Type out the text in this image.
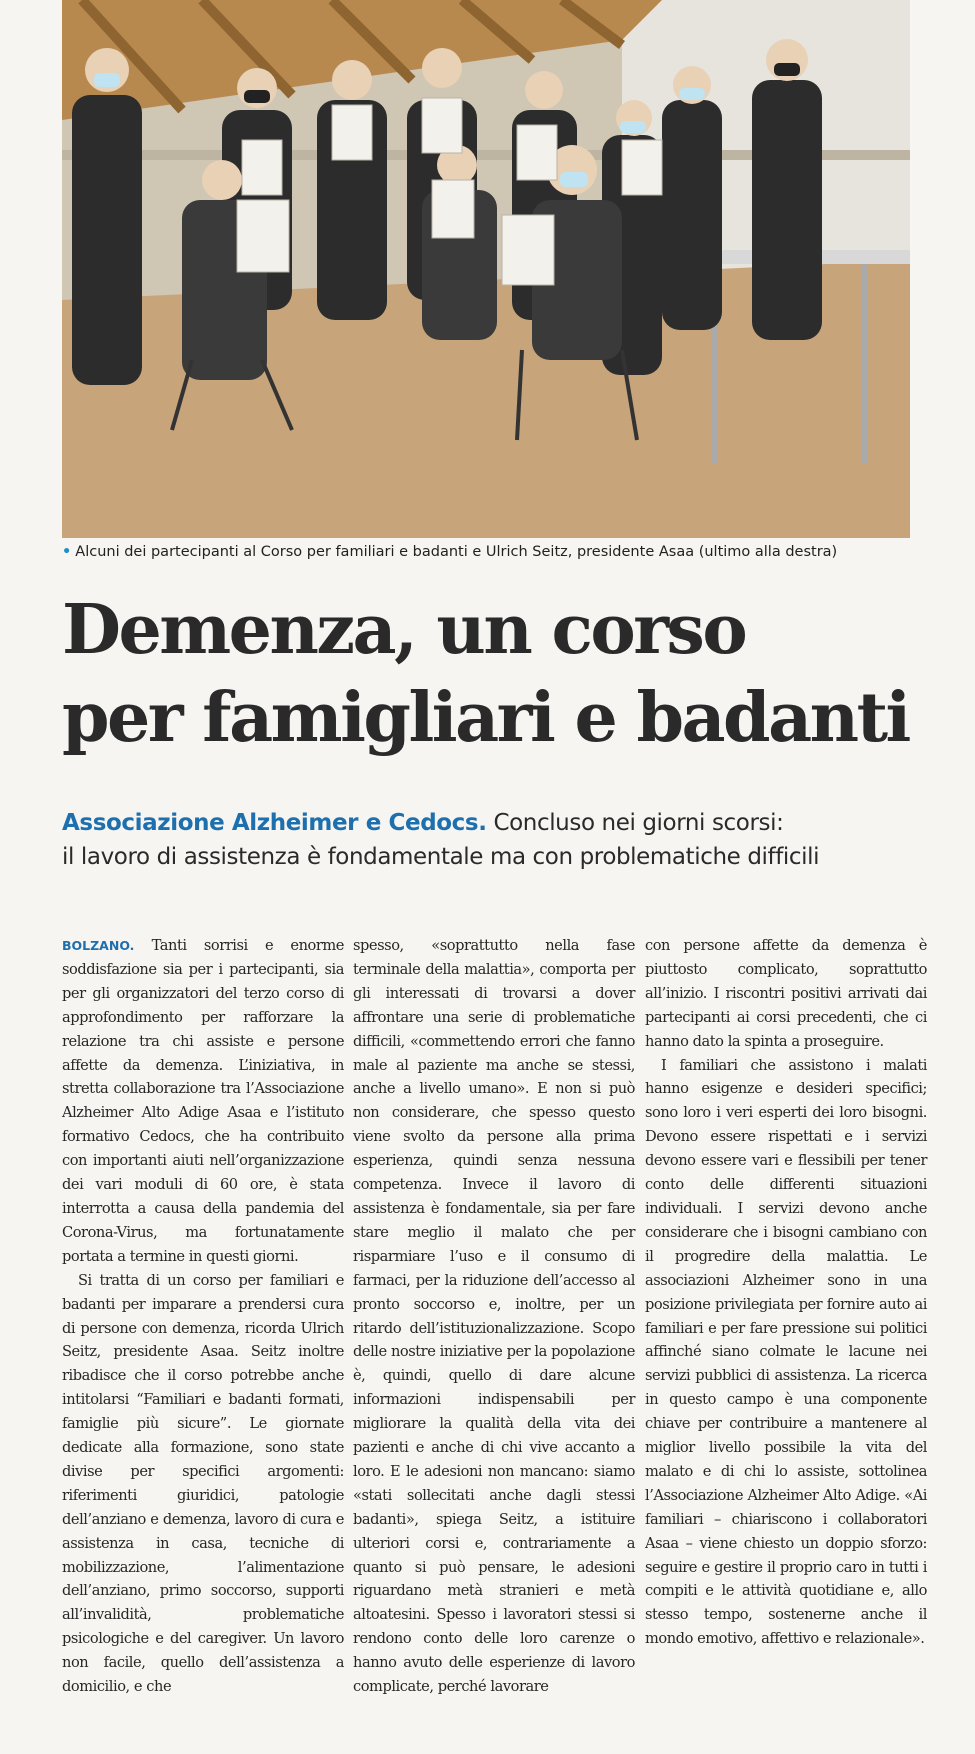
• Alcuni dei partecipanti al Corso per familiari e badanti e Ulrich Seitz, presidente Asaa (ultimo alla destra)
Demenza, un corso
per famigliari e badanti
Associazione Alzheimer e Cedocs. Concluso nei giorni scorsi:
il lavoro di assistenza è fondamentale ma con problematiche difficili

BOLZANO. Tanti sorrisi e enorme soddisfazione sia per i partecipanti, sia per gli organizzatori del terzo corso di approfondimento per rafforzare la relazione tra chi assiste e persone affette da demenza. L’iniziativa, in stretta collaborazione tra l’Associazione Alzheimer Alto Adige Asaa e l’istituto formativo Cedocs, che ha contribuito con importanti aiuti nell’organizzazione dei vari moduli di 60 ore, è stata interrotta a causa della pandemia del Corona-Virus, ma fortunatamente portata a termine in questi giorni.

Si tratta di un corso per familiari e badanti per imparare a prendersi cura di persone con demenza, ricorda Ulrich Seitz, presidente Asaa. Seitz inoltre ribadisce che il corso potrebbe anche intitolarsi “Familiari e badanti formati, famiglie più sicure”. Le giornate dedicate alla formazione, sono state divise per specifici argomenti: riferimenti giuridici, patologie dell’anziano e demenza, lavoro di cura e assistenza in casa, tecniche di mobilizzazione, l’alimentazione dell’anziano, primo soccorso, supporti all’invalidità, problematiche psicologiche e del caregiver. Un lavoro non facile, quello dell’assistenza a domicilio, e che

spesso, «soprattutto nella fase terminale della malattia», comporta per gli interessati di trovarsi a dover affrontare una serie di problematiche difficili, «commettendo errori che fanno male al paziente ma anche se stessi, anche a livello umano». E non si può non considerare, che spesso questo viene svolto da persone alla prima esperienza, quindi senza nessuna competenza. Invece il lavoro di assistenza è fondamentale, sia per fare stare meglio il malato che per risparmiare l’uso e il consumo di farmaci, per la riduzione dell’accesso al pronto soccorso e, inoltre, per un ritardo dell’istituzionalizzazione. Scopo delle nostre iniziative per la popolazione è, quindi, quello di dare alcune informazioni indispensabili per migliorare la qualità della vita dei pazienti e anche di chi vive accanto a loro. E le adesioni non mancano: siamo «stati sollecitati anche dagli stessi badanti», spiega Seitz, a istituire ulteriori corsi e, contrariamente a quanto si può pensare, le adesioni riguardano metà stranieri e metà altoatesini. Spesso i lavoratori stessi si rendono conto delle loro carenze o hanno avuto delle esperienze di lavoro complicate, perché lavorare

con persone affette da demenza è piuttosto complicato, soprattutto all’inizio. I riscontri positivi arrivati dai partecipanti ai corsi precedenti, che ci hanno dato la spinta a proseguire.

I familiari che assistono i malati hanno esigenze e desideri specifici; sono loro i veri esperti dei loro bisogni. Devono essere rispettati e i servizi devono essere vari e flessibili per tener conto delle differenti situazioni individuali. I servizi devono anche considerare che i bisogni cambiano con il progredire della malattia. Le associazioni Alzheimer sono in una posizione privilegiata per fornire auto ai familiari e per fare pressione sui politici affinché siano colmate le lacune nei servizi pubblici di assistenza. La ricerca in questo campo è una componente chiave per contribuire a mantenere al miglior livello possibile la vita del malato e di chi lo assiste, sottolinea l’Associazione Alzheimer Alto Adige. «Ai familiari – chiariscono i collaboratori Asaa – viene chiesto un doppio sforzo: seguire e gestire il proprio caro in tutti i compiti e le attività quotidiane e, allo stesso tempo, sostenerne anche il mondo emotivo, affettivo e relazionale».
